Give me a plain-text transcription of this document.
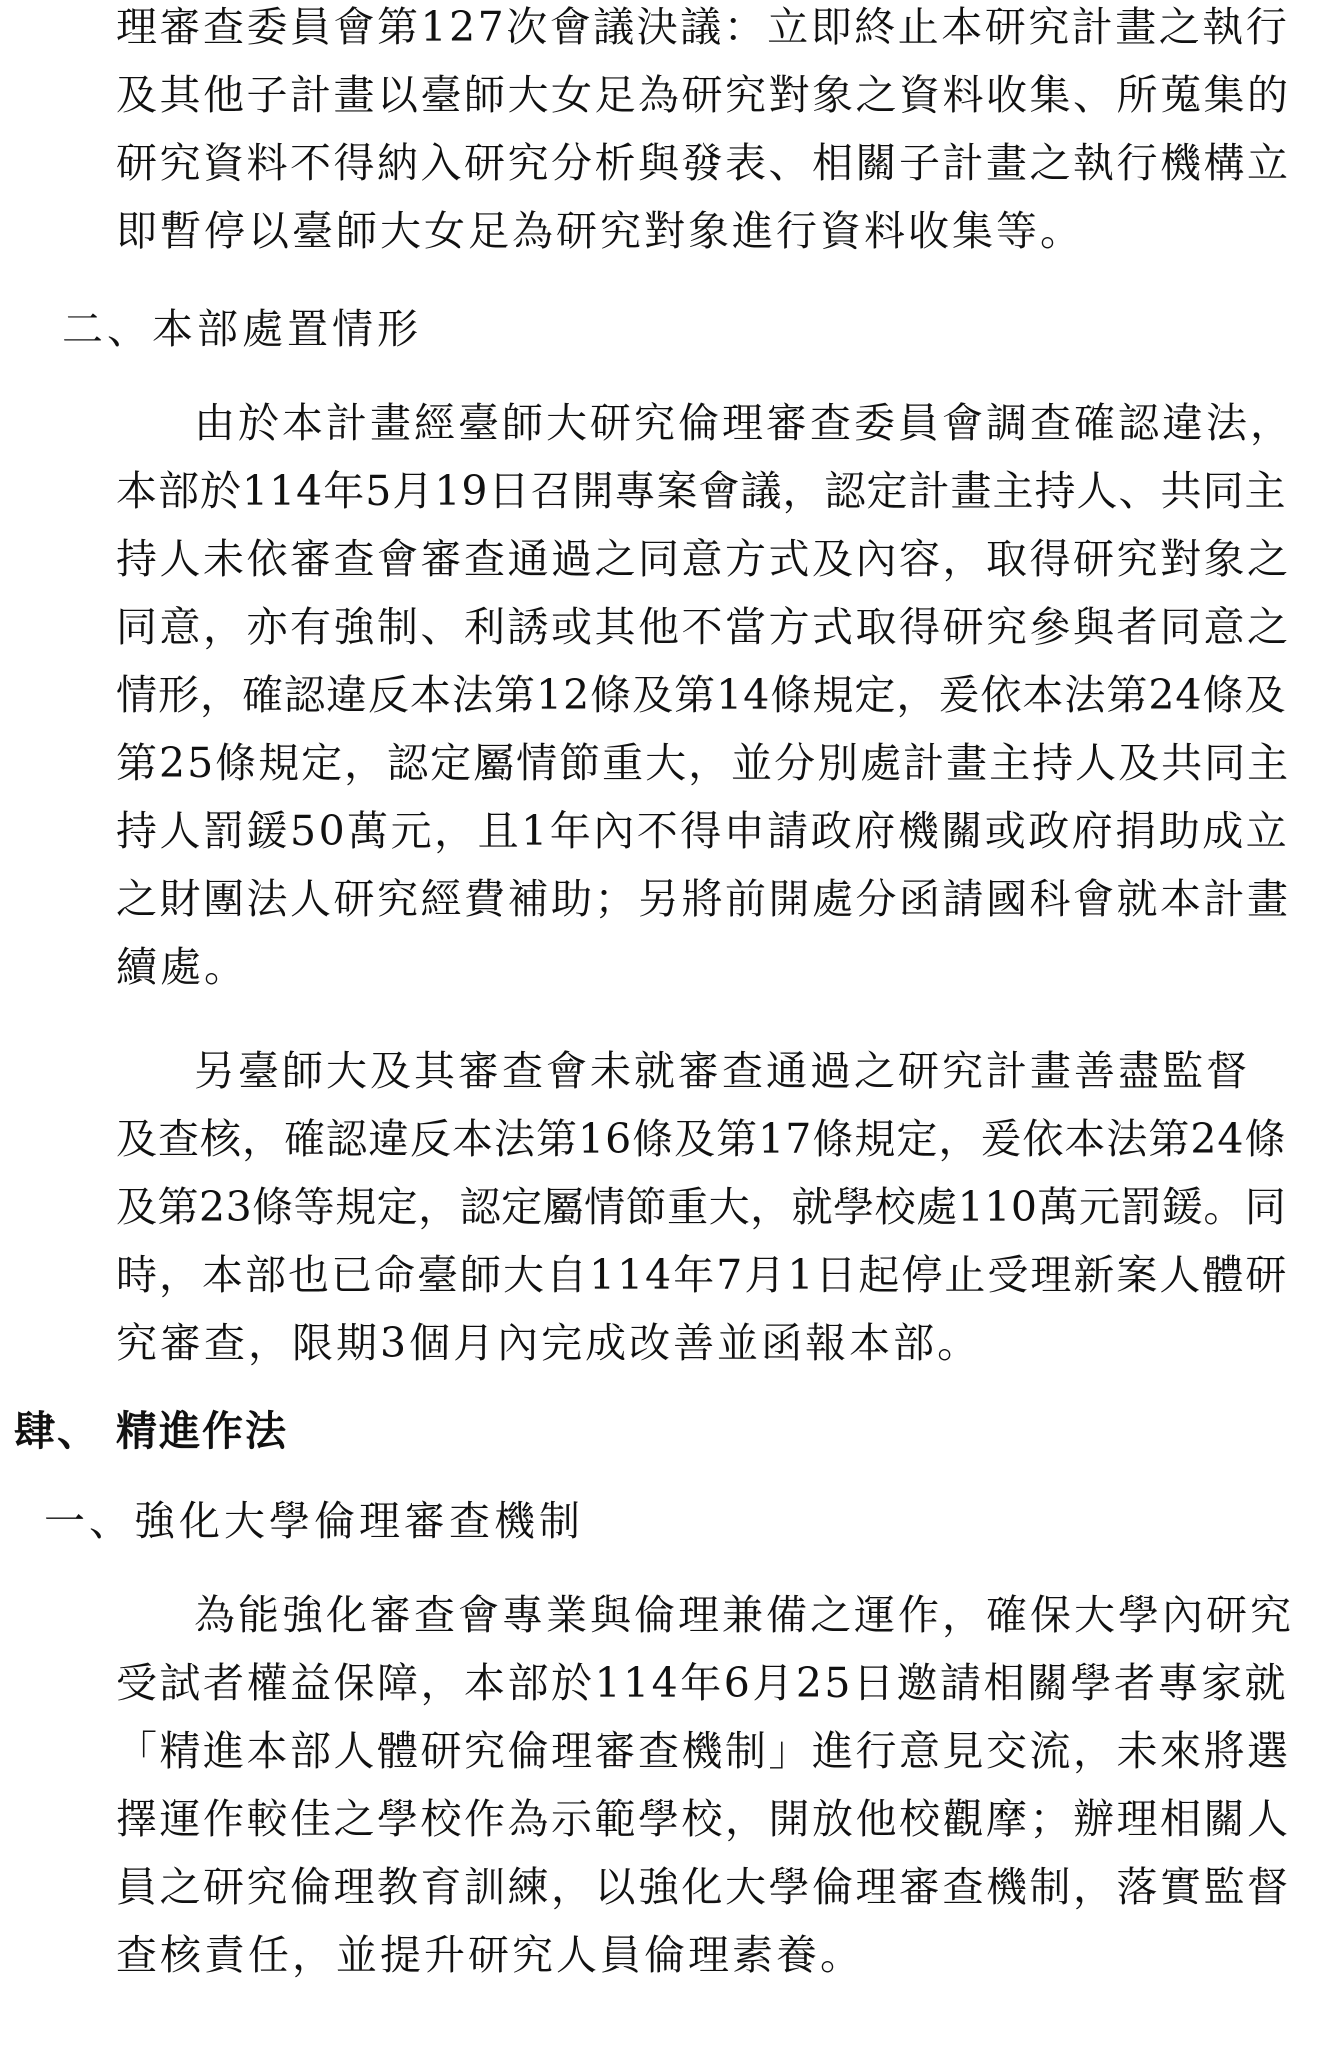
理審查委員會第127次會議決議：立即終止本研究計畫之執行
及其他子計畫以臺師大女足為研究對象之資料收集、所蒐集的
研究資料不得納入研究分析與發表、相關子計畫之執行機構立
即暫停以臺師大女足為研究對象進行資料收集等。
二、本部處置情形
由於本計畫經臺師大研究倫理審查委員會調查確認違法，
本部於114年5月19日召開專案會議，認定計畫主持人、共同主
持人未依審查會審查通過之同意方式及內容，取得研究對象之
同意，亦有強制、利誘或其他不當方式取得研究參與者同意之
情形，確認違反本法第12條及第14條規定，爰依本法第24條及
第25條規定，認定屬情節重大，並分別處計畫主持人及共同主
持人罰鍰50萬元，且1年內不得申請政府機關或政府捐助成立
之財團法人研究經費補助；另將前開處分函請國科會就本計畫
續處。
另臺師大及其審查會未就審查通過之研究計畫善盡監督
及查核，確認違反本法第16條及第17條規定，爰依本法第24條
及第23條等規定，認定屬情節重大，就學校處110萬元罰鍰。同
時，本部也已命臺師大自114年7月1日起停止受理新案人體研
究審查，限期3個月內完成改善並函報本部。
肆、 精進作法
一、強化大學倫理審查機制
為能強化審查會專業與倫理兼備之運作，確保大學內研究
受試者權益保障，本部於114年6月25日邀請相關學者專家就
「精進本部人體研究倫理審查機制」進行意見交流，未來將選
擇運作較佳之學校作為示範學校，開放他校觀摩；辦理相關人
員之研究倫理教育訓練，以強化大學倫理審查機制，落實監督
查核責任，並提升研究人員倫理素養。
